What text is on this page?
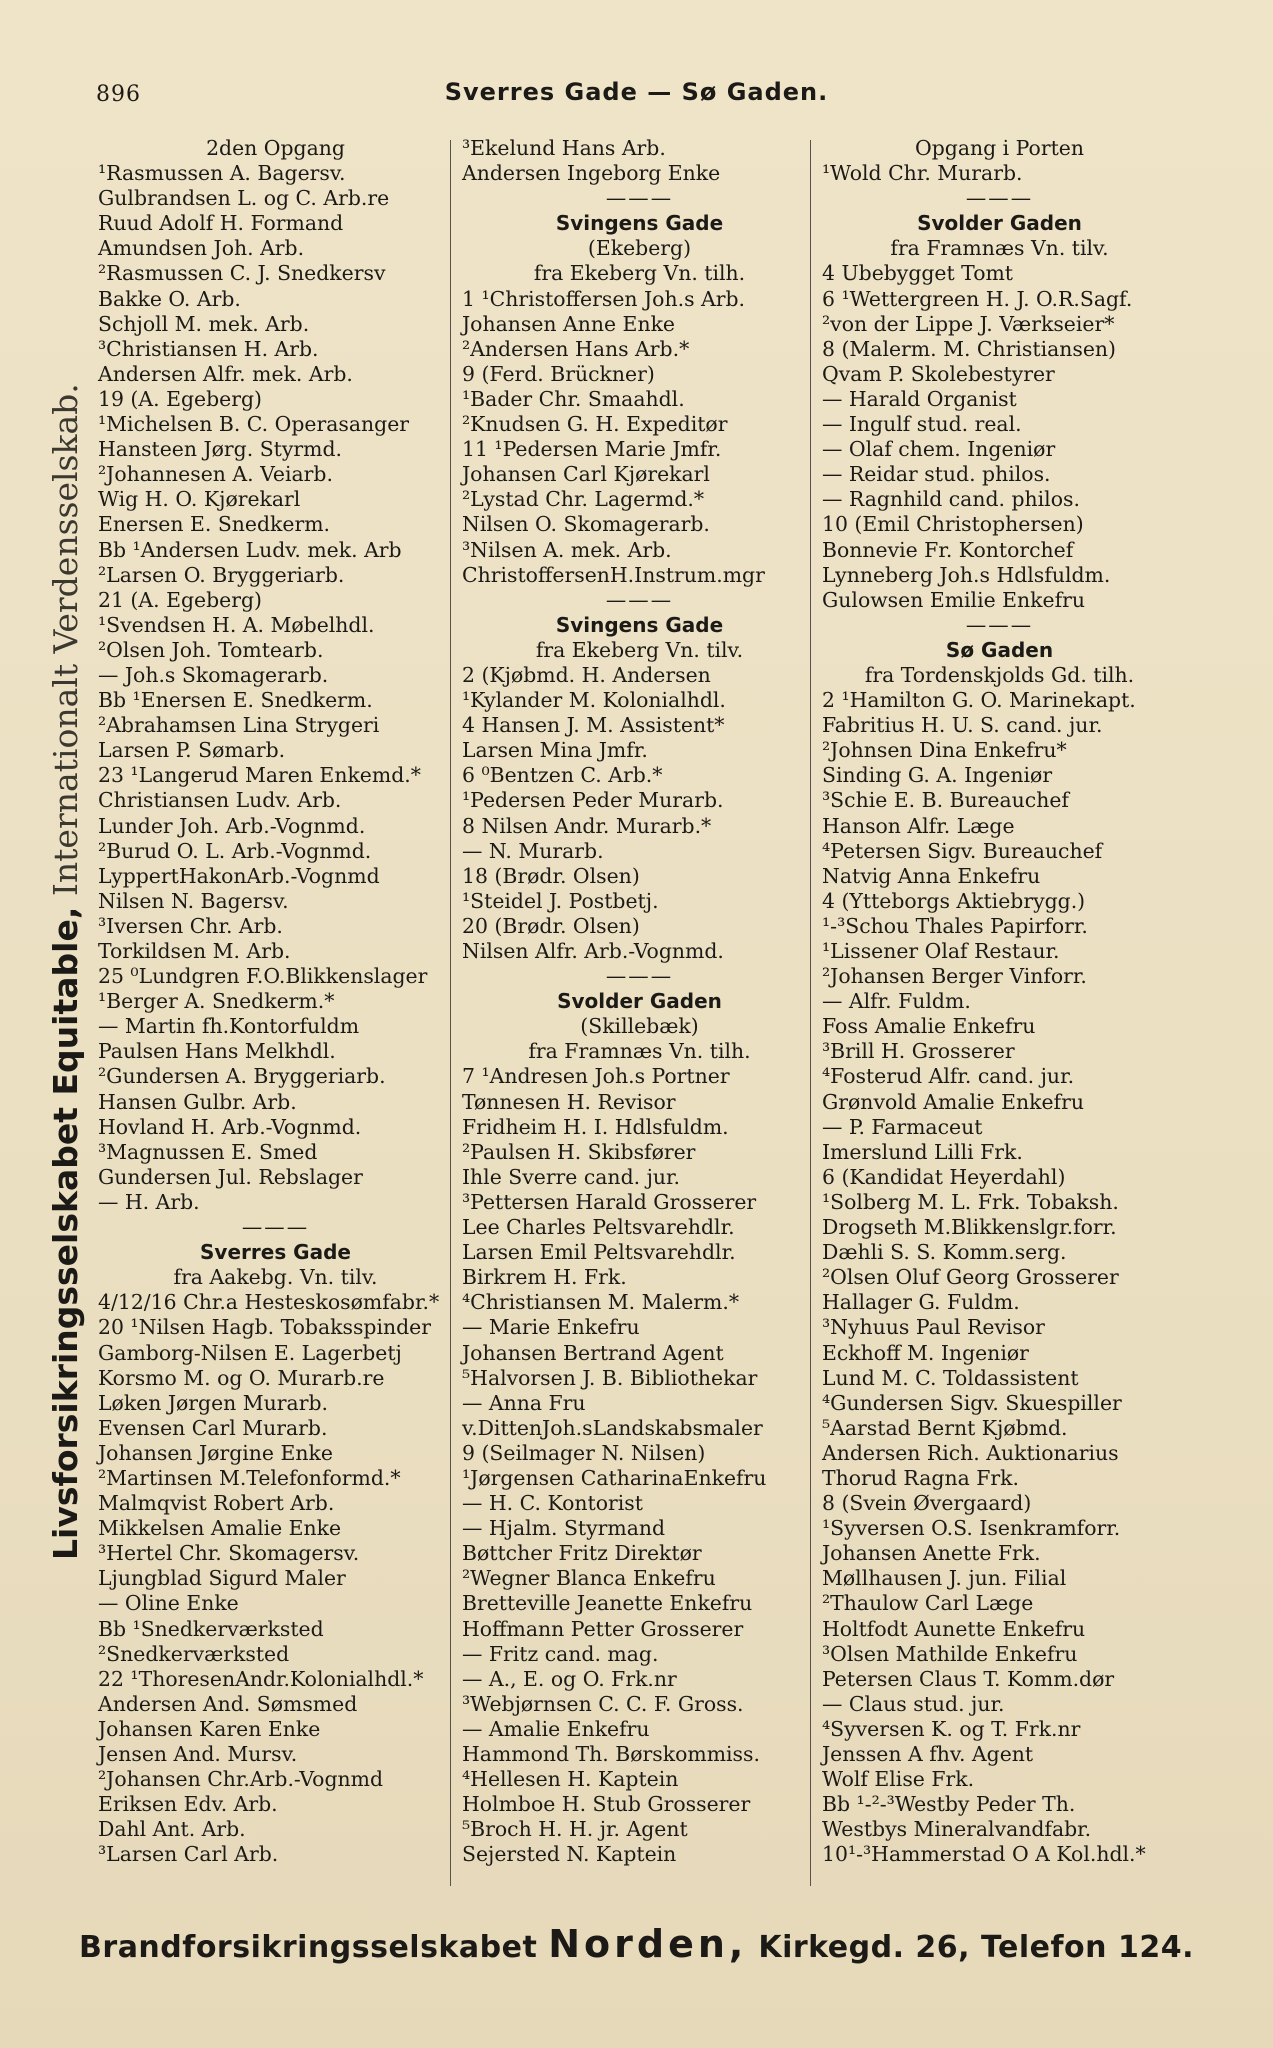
896	Sverres Gade — Sø Gaden.
Livsforsikringsselskabet Equitable, Internationalt Verdensselskab.
2den Opgang
¹Rasmussen A. Bagersv.
Gulbrandsen L. og C. Arb.re
Ruud Adolf H. Formand
Amundsen Joh. Arb.
²Rasmussen C. J. Snedkersv
Bakke O. Arb.
Schjoll M. mek. Arb.
³Christiansen H. Arb.
Andersen Alfr. mek. Arb.
19 (A. Egeberg)
¹Michelsen B. C. Operasanger
Hansteen Jørg. Styrmd.
²Johannesen A. Veiarb.
Wig H. O. Kjørekarl
Enersen E. Snedkerm.
Bb ¹Andersen Ludv. mek. Arb
²Larsen O. Bryggeriarb.
21 (A. Egeberg)
¹Svendsen H. A. Møbelhdl.
²Olsen Joh. Tomtearb.
— Joh.s Skomagerarb.
Bb ¹Enersen E. Snedkerm.
²Abrahamsen Lina Strygeri
Larsen P. Sømarb.
23 ¹Langerud Maren Enkemd.*
Christiansen Ludv. Arb.
Lunder Joh. Arb.-Vognmd.
²Burud O. L. Arb.-Vognmd.
LyppertHakonArb.-Vognmd
Nilsen N. Bagersv.
³Iversen Chr. Arb.
Torkildsen M. Arb.
25 ⁰Lundgren F.O.Blikkenslager
¹Berger A. Snedkerm.*
— Martin fh.Kontorfuldm
Paulsen Hans Melkhdl.
²Gundersen A. Bryggeriarb.
Hansen Gulbr. Arb.
Hovland H. Arb.-Vognmd.
³Magnussen E. Smed
Gundersen Jul. Rebslager
— H. Arb.
———
Sverres Gade
fra Aakebg. Vn. tilv.
4/12/16 Chr.a Hesteskosømfabr.*
20 ¹Nilsen Hagb. Tobaksspinder
Gamborg-Nilsen E. Lagerbetj
Korsmo M. og O. Murarb.re
Løken Jørgen Murarb.
Evensen Carl Murarb.
Johansen Jørgine Enke
²Martinsen M.Telefonformd.*
Malmqvist Robert Arb.
Mikkelsen Amalie Enke
³Hertel Chr. Skomagersv.
Ljungblad Sigurd Maler
— Oline Enke
Bb ¹Snedkerværksted
²Snedkerværksted
22 ¹ThoresenAndr.Kolonialhdl.*
Andersen And. Sømsmed
Johansen Karen Enke
Jensen And. Mursv.
²Johansen Chr.Arb.-Vognmd
Eriksen Edv. Arb.
Dahl Ant. Arb.
³Larsen Carl Arb.
³Ekelund Hans Arb.
Andersen Ingeborg Enke
———
Svingens Gade
(Ekeberg)
fra Ekeberg Vn. tilh.
1 ¹Christoffersen Joh.s Arb.
Johansen Anne Enke
²Andersen Hans Arb.*
9 (Ferd. Brückner)
¹Bader Chr. Smaahdl.
²Knudsen G. H. Expeditør
11 ¹Pedersen Marie Jmfr.
Johansen Carl Kjørekarl
²Lystad Chr. Lagermd.*
Nilsen O. Skomagerarb.
³Nilsen A. mek. Arb.
ChristoffersenH.Instrum.mgr
———
Svingens Gade
fra Ekeberg Vn. tilv.
2 (Kjøbmd. H. Andersen
¹Kylander M. Kolonialhdl.
4 Hansen J. M. Assistent*
Larsen Mina Jmfr.
6 ⁰Bentzen C. Arb.*
¹Pedersen Peder Murarb.
8 Nilsen Andr. Murarb.*
— N. Murarb.
18 (Brødr. Olsen)
¹Steidel J. Postbetj.
20 (Brødr. Olsen)
Nilsen Alfr. Arb.-Vognmd.
———
Svolder Gaden
(Skillebæk)
fra Framnæs Vn. tilh.
7 ¹Andresen Joh.s Portner
Tønnesen H. Revisor
Fridheim H. I. Hdlsfuldm.
²Paulsen H. Skibsfører
Ihle Sverre cand. jur.
³Pettersen Harald Grosserer
Lee Charles Peltsvarehdlr.
Larsen Emil Peltsvarehdlr.
Birkrem H. Frk.
⁴Christiansen M. Malerm.*
— Marie Enkefru
Johansen Bertrand Agent
⁵Halvorsen J. B. Bibliothekar
— Anna Fru
v.DittenJoh.sLandskabsmaler
9 (Seilmager N. Nilsen)
¹Jørgensen CatharinaEnkefru
— H. C. Kontorist
— Hjalm. Styrmand
Bøttcher Fritz Direktør
²Wegner Blanca Enkefru
Bretteville Jeanette Enkefru
Hoffmann Petter Grosserer
— Fritz cand. mag.
— A., E. og O. Frk.nr
³Webjørnsen C. C. F. Gross.
— Amalie Enkefru
Hammond Th. Børskommiss.
⁴Hellesen H. Kaptein
Holmboe H. Stub Grosserer
⁵Broch H. H. jr. Agent
Sejersted N. Kaptein
Opgang i Porten
¹Wold Chr. Murarb.
———
Svolder Gaden
fra Framnæs Vn. tilv.
4 Ubebygget Tomt
6 ¹Wettergreen H. J. O.R.Sagf.
²von der Lippe J. Værkseier*
8 (Malerm. M. Christiansen)
Qvam P. Skolebestyrer
— Harald Organist
— Ingulf stud. real.
— Olaf chem. Ingeniør
— Reidar stud. philos.
— Ragnhild cand. philos.
10 (Emil Christophersen)
Bonnevie Fr. Kontorchef
Lynneberg Joh.s Hdlsfuldm.
Gulowsen Emilie Enkefru
———
Sø Gaden
fra Tordenskjolds Gd. tilh.
2 ¹Hamilton G. O. Marinekapt.
Fabritius H. U. S. cand. jur.
²Johnsen Dina Enkefru*
Sinding G. A. Ingeniør
³Schie E. B. Bureauchef
Hanson Alfr. Læge
⁴Petersen Sigv. Bureauchef
Natvig Anna Enkefru
4 (Ytteborgs Aktiebrygg.)
¹-³Schou Thales Papirforr.
¹Lissener Olaf Restaur.
²Johansen Berger Vinforr.
— Alfr. Fuldm.
Foss Amalie Enkefru
³Brill H. Grosserer
⁴Fosterud Alfr. cand. jur.
Grønvold Amalie Enkefru
— P. Farmaceut
Imerslund Lilli Frk.
6 (Kandidat Heyerdahl)
¹Solberg M. L. Frk. Tobaksh.
Drogseth M.Blikkenslgr.forr.
Dæhli S. S. Komm.serg.
²Olsen Oluf Georg Grosserer
Hallager G. Fuldm.
³Nyhuus Paul Revisor
Eckhoff M. Ingeniør
Lund M. C. Toldassistent
⁴Gundersen Sigv. Skuespiller
⁵Aarstad Bernt Kjøbmd.
Andersen Rich. Auktionarius
Thorud Ragna Frk.
8 (Svein Øvergaard)
¹Syversen O.S. Isenkramforr.
Johansen Anette Frk.
Møllhausen J. jun. Filial
²Thaulow Carl Læge
Holtfodt Aunette Enkefru
³Olsen Mathilde Enkefru
Petersen Claus T. Komm.dør
— Claus stud. jur.
⁴Syversen K. og T. Frk.nr
Jenssen A fhv. Agent
Wolf Elise Frk.
Bb ¹-²-³Westby Peder Th.
Westbys Mineralvandfabr.
10¹-³Hammerstad O A Kol.hdl.*
Brandforsikringsselskabet Norden, Kirkegd. 26, Telefon 124.
